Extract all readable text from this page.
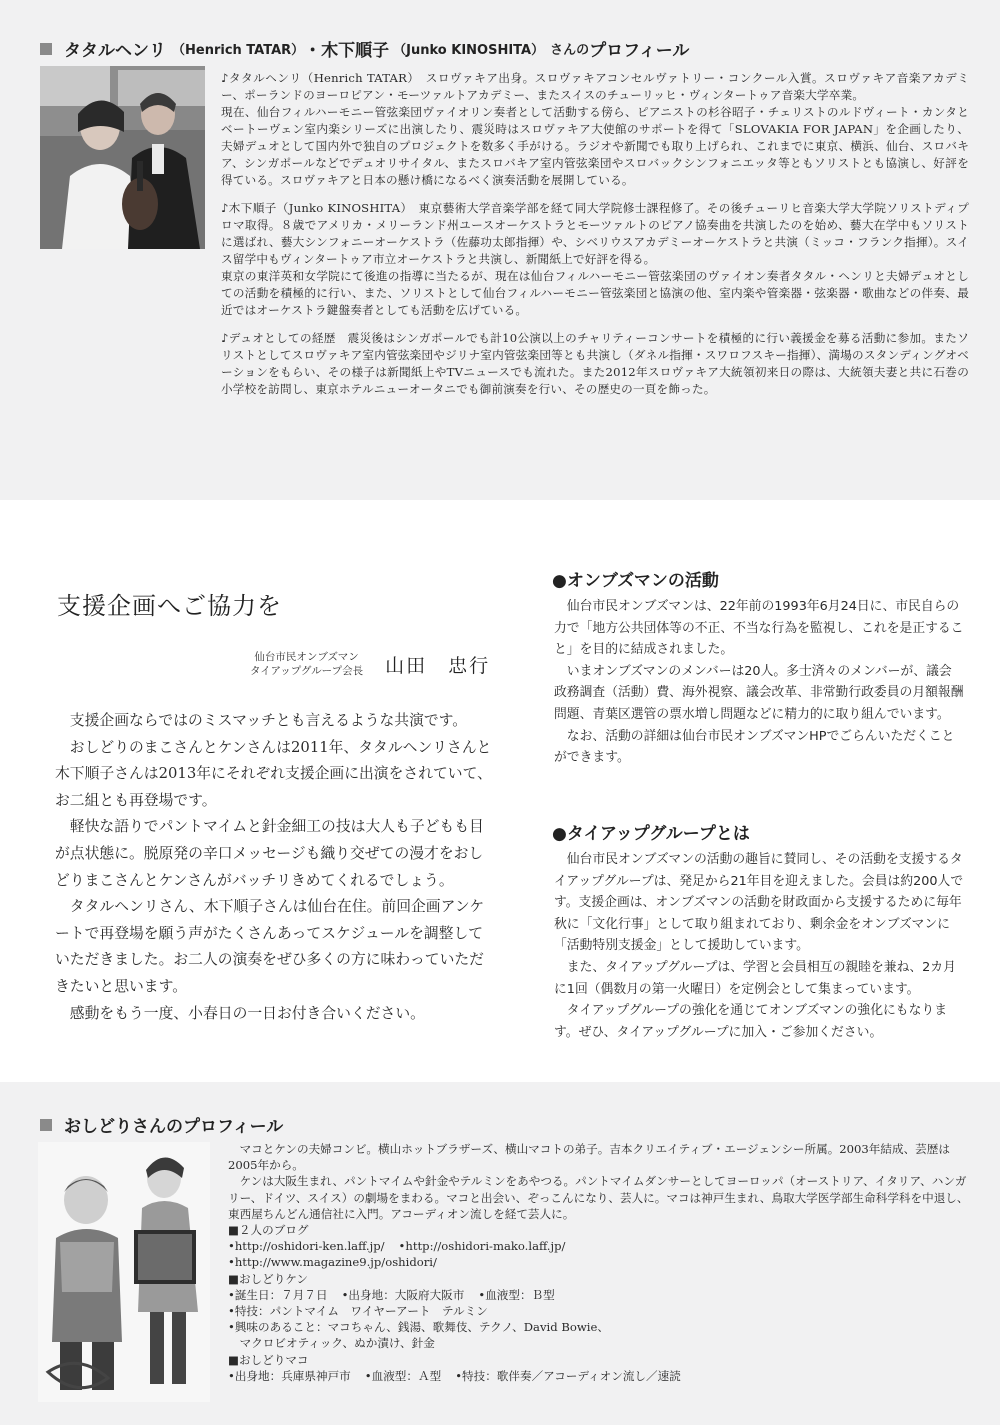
タタルヘンリ （Henrich TATAR） ・木下順子 （Junko KINOSHITA） さんの プロフィール

♪タタルヘンリ（Henrich TATAR）　スロヴァキア出身。スロヴァキアコンセルヴァトリー・コンクール入賞。スロヴァキア音楽アカデミー、ポーランドのヨーロピアン・モーツァルトアカデミー、またスイスのチューリッヒ・ヴィンタートゥア音楽大学卒業。

現在、仙台フィルハーモニー管弦楽団ヴァイオリン奏者として活動する傍ら、ピアニストの杉谷昭子・チェリストのルドヴィート・カンタとベートーヴェン室内楽シリーズに出演したり、震災時はスロヴァキア大使館のサポートを得て「SLOVAKIA FOR JAPAN」を企画したり、夫婦デュオとして国内外で独自のプロジェクトを数多く手がける。ラジオや新聞でも取り上げられ、これまでに東京、横浜、仙台、スロバキア、シンガポールなどでデュオリサイタル、またスロバキア室内管弦楽団やスロバックシンフォニエッタ等ともソリストとも協演し、好評を得ている。スロヴァキアと日本の懸け橋になるべく演奏活動を展開している。

♪木下順子（Junko KINOSHITA）　東京藝術大学音楽学部を経て同大学院修士課程修了。その後チューリヒ音楽大学大学院ソリストディプロマ取得。８歳でアメリカ・メリーランド州ユースオーケストラとモーツァルトのピアノ協奏曲を共演したのを始め、藝大在学中もソリストに選ばれ、藝大シンフォニーオーケストラ（佐藤功太郎指揮）や、シベリウスアカデミーオーケストラと共演（ミッコ・フランク指揮）。スイス留学中もヴィンタートゥア市立オーケストラと共演し、新聞紙上で好評を得る。

東京の東洋英和女学院にて後進の指導に当たるが、現在は仙台フィルハーモニー管弦楽団のヴァイオン奏者タタル・ヘンリと夫婦デュオとしての活動を積極的に行い、また、ソリストとして仙台フィルハーモニー管弦楽団と協演の他、室内楽や管楽器・弦楽器・歌曲などの伴奏、最近ではオーケストラ鍵盤奏者としても活動を広げている。

♪デュオとしての経歴　震災後はシンガポールでも計10公演以上のチャリティーコンサートを積極的に行い義援金を募る活動に参加。またソリストとしてスロヴァキア室内管弦楽団やジリナ室内管弦楽団等とも共演し（ダネル指揮・スワロフスキー指揮）、満場のスタンディングオベーションをもらい、その様子は新聞紙上やTVニュースでも流れた。また2012年スロヴァキア大統領初来日の際は、大統領夫妻と共に石巻の小学校を訪問し、東京ホテルニューオータニでも御前演奏を行い、その歴史の一頁を飾った。

支援企画へご協力を
仙台市民オンブズマン
タイアップグループ会長 山田　忠行

支援企画ならではのミスマッチとも言えるような共演です。

おしどりのまこさんとケンさんは2011年、タタルヘンリさんと木下順子さんは2013年にそれぞれ支援企画に出演をされていて、お二組とも再登場です。

軽快な語りでパントマイムと針金細工の技は大人も子どもも目が点状態に。脱原発の辛口メッセージも織り交ぜての漫才をおしどりまこさんとケンさんがバッチリきめてくれるでしょう。

タタルヘンリさん、木下順子さんは仙台在住。前回企画アンケートで再登場を願う声がたくさんあってスケジュールを調整していただきました。お二人の演奏をぜひ多くの方に味わっていただきたいと思います。

感動をもう一度、小春日の一日お付き合いください。

●オンブズマンの活動

仙台市民オンブズマンは、22年前の1993年6月24日に、市民自らの力で「地方公共団体等の不正、不当な行為を監視し、これを是正すること」を目的に結成されました。

いまオンブズマンのメンバーは20人。多士済々のメンバーが、議会政務調査（活動）費、海外視察、議会改革、非常勤行政委員の月額報酬問題、青葉区選管の票水増し問題などに精力的に取り組んでいます。

なお、活動の詳細は仙台市民オンブズマンHPでごらんいただくことができます。

●タイアップグループとは

仙台市民オンブズマンの活動の趣旨に賛同し、その活動を支援するタイアップグループは、発足から21年目を迎えました。会員は約200人です。支援企画は、オンブズマンの活動を財政面から支援するために毎年秋に「文化行事」として取り組まれており、剰余金をオンブズマンに「活動特別支援金」として援助しています。

また、タイアップグループは、学習と会員相互の親睦を兼ね、2カ月に1回（偶数月の第一火曜日）を定例会として集まっています。

タイアップグループの強化を通じてオンブズマンの強化にもなります。ぜひ、タイアップグループに加入・ご参加ください。

おしどりさんのプロフィール

マコとケンの夫婦コンビ。横山ホットブラザーズ、横山マコトの弟子。吉本クリエイティブ・エージェンシー所属。2003年結成、芸歴は2005年から。

ケンは大阪生まれ、パントマイムや針金やテルミンをあやつる。パントマイムダンサーとしてヨーロッパ（オーストリア、イタリア、ハンガリー、ドイツ、スイス）の劇場をまわる。マコと出会い、ぞっこんになり、芸人に。マコは神戸生まれ、鳥取大学医学部生命科学科を中退し、東西屋ちんどん通信社に入門。アコーディオン流しを経て芸人に。

■２人のブログ

•http://oshidori-ken.laff.jp/ •http://oshidori-mako.laff.jp/

•http://www.magazine9.jp/oshidori/

■おしどりケン

•誕生日：７月７日 •出身地：大阪府大阪市 •血液型：Ｂ型

•特技：パントマイム　ワイヤーアート　テルミン

•興味のあること：マコちゃん、銭湯、歌舞伎、テクノ、David Bowie、

マクロビオティック、ぬか漬け、針金

■おしどりマコ

•出身地：兵庫県神戸市 •血液型：Ａ型 •特技：歌伴奏／アコーディオン流し／速読
